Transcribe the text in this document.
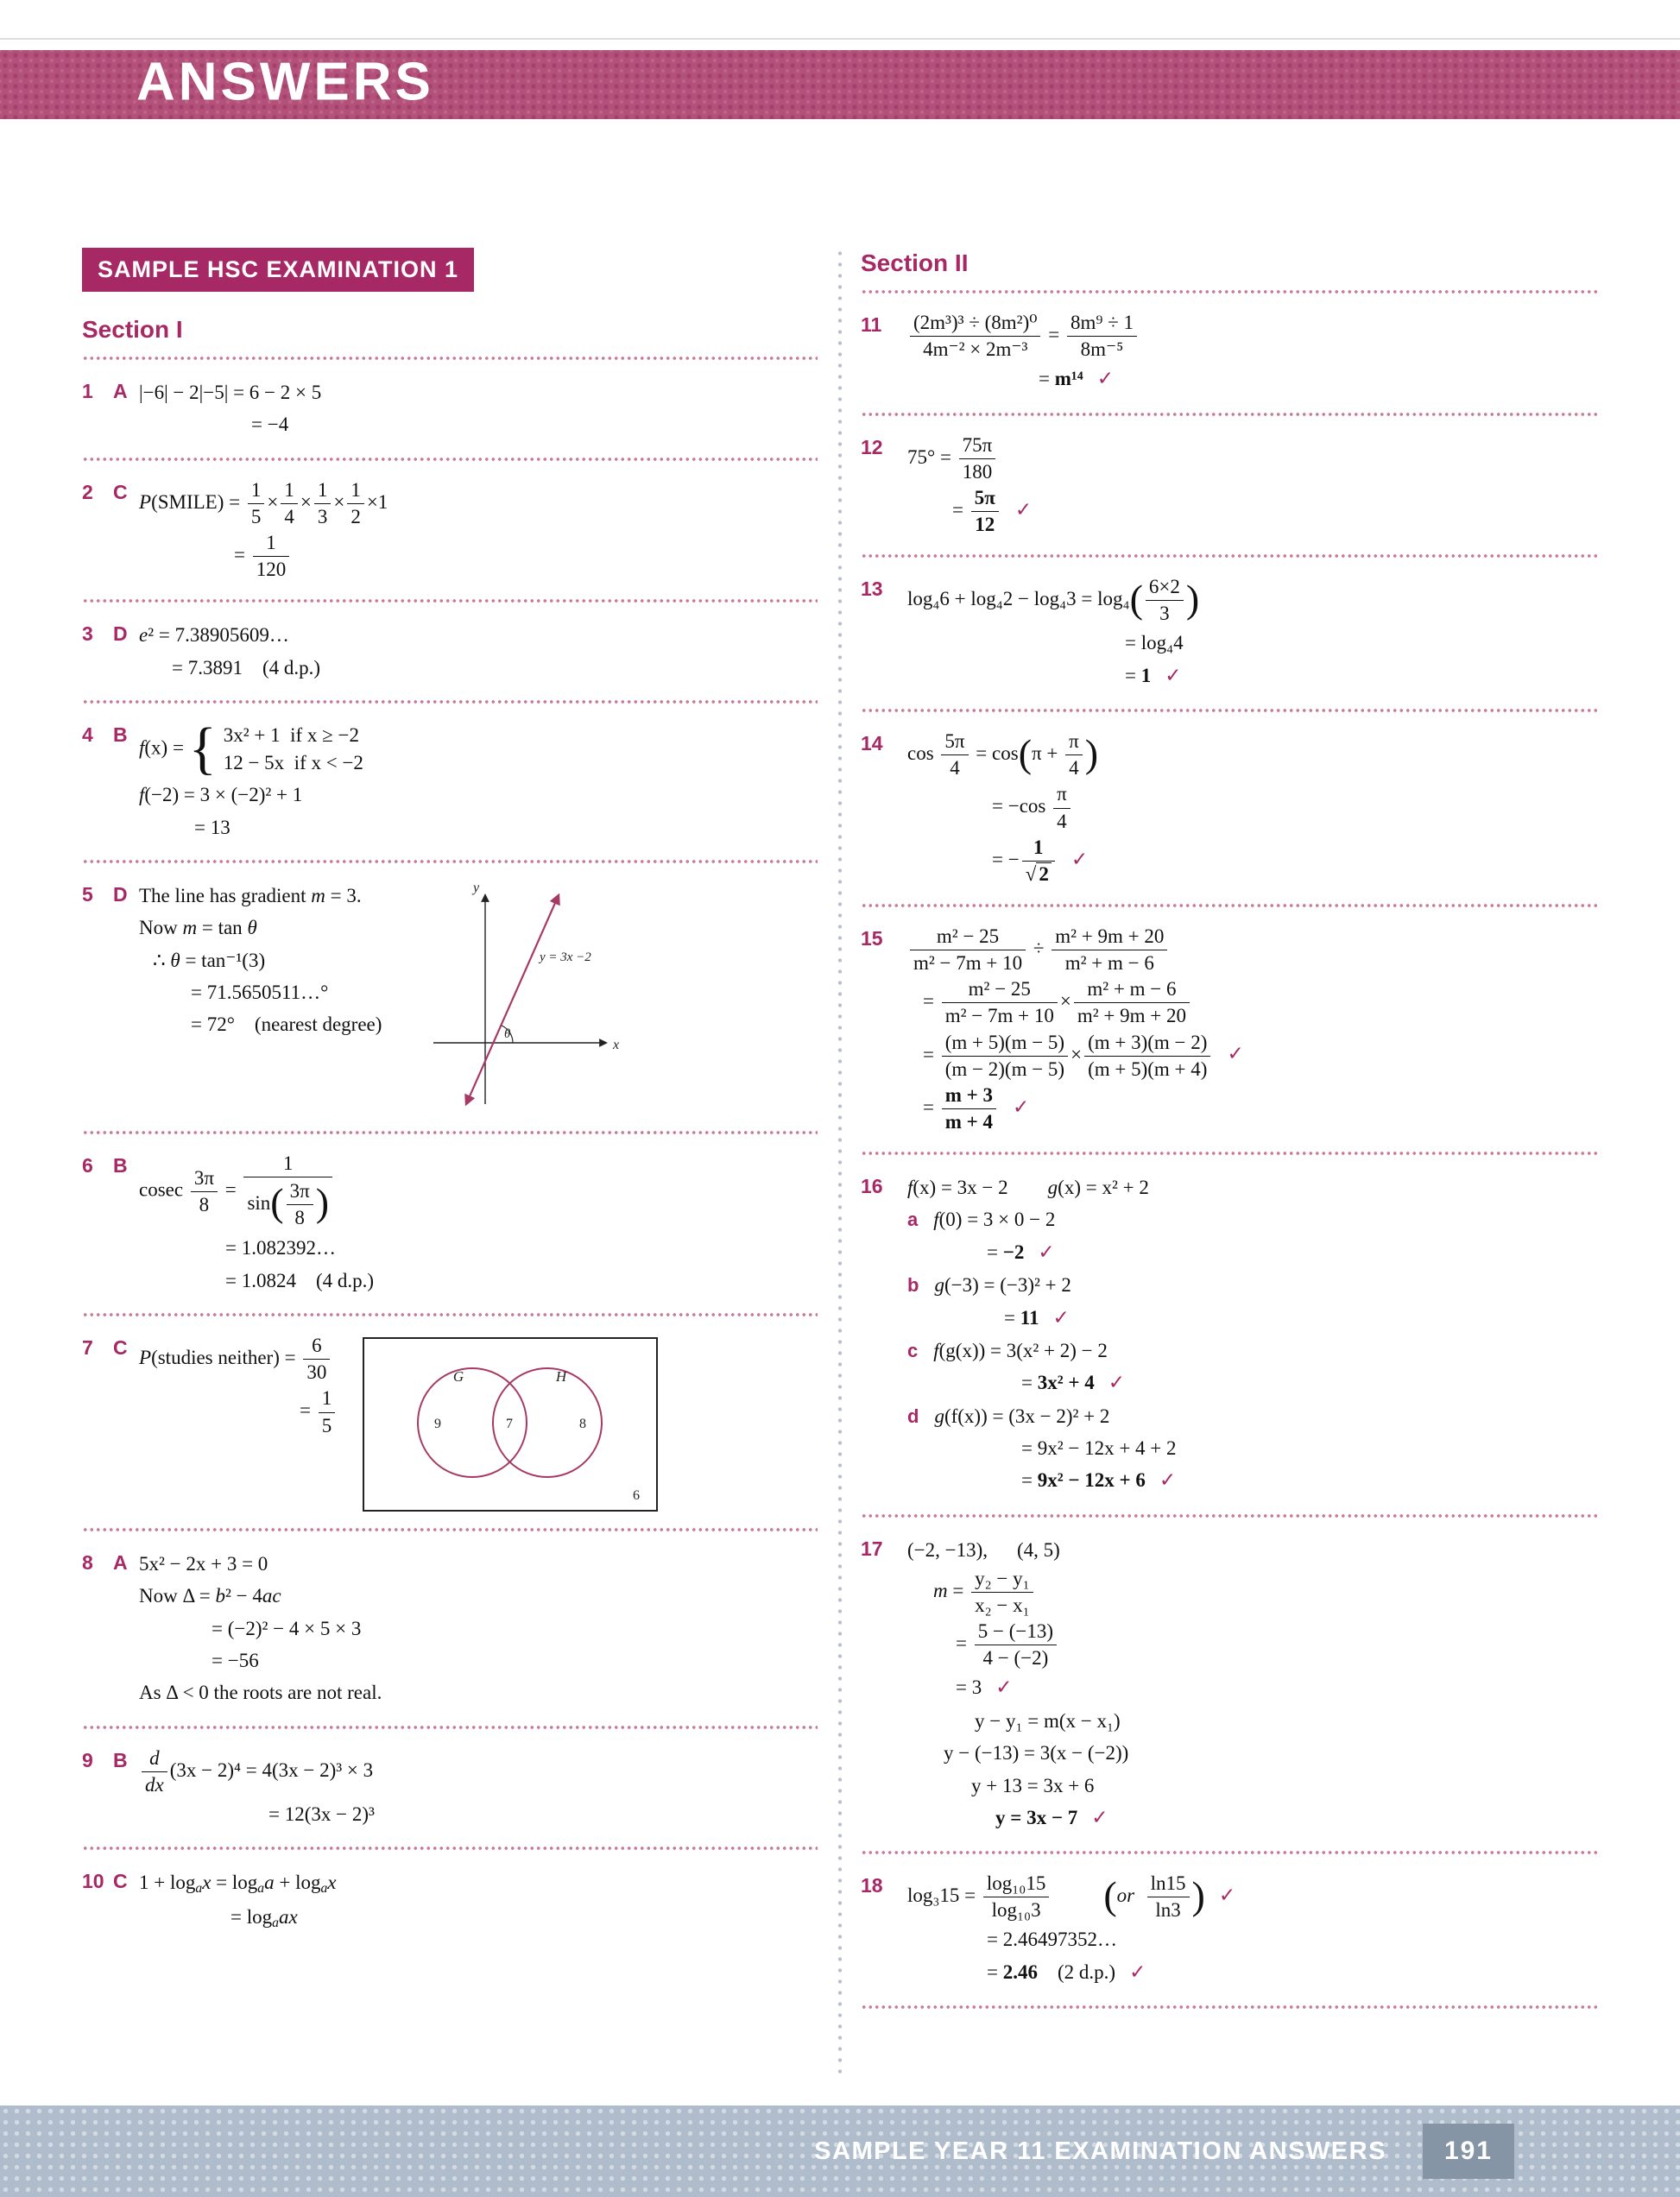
ANSWERS
SAMPLE HSC EXAMINATION 1
Section I
1	A |−6| − 2|−5| = 6 − 2 × 5
= −4
2	C P(SMILE) = $\frac{1}{5} \times \frac{1}{4} \times \frac{1}{3} \times \frac{1}{2} \times 1$
= $\frac{1}{120}$
3	D e² = 7.38905609…
= 7.3891    (4 d.p.)
4	B
f(x) = { 3x² + 1  if x ≥ −2
12 − 5x  if x < −2
f(−2) = 3 × (−2)² + 1
= 13
5	D The line has gradient m = 3.
Now m = tan θ
∴ θ = tan⁻¹(3)
= 71.5650511…°
= 72°    (nearest degree)
x
y
θ
y = 3x −2
6	B
cosec $\frac{3\pi}{8} = \frac{1}{\sin( \frac{3\pi}{8} )}$
= 1.082392…
= 1.0824    (4 d.p.)
7	C P(studies neither) = $\frac{6}{30}$
= $\frac{1}{5}$
G	H
9	7	8
6
8	A 5x² − 2x + 3 = 0
Now Δ = b² − 4ac
= (−2)² − 4 × 5 × 3
= −56
As Δ < 0 the roots are not real.
9	B $\frac{d}{dx} (3x - 2)^4 = 4(3x - 2)^3 \times 3$
= 12(3x − 2)³
10 C 1 + logax = logaa + logax
= logaax
Section II
11	$\frac{\text{(2m³)³ ÷ (8m²)⁰}}{\text{4m⁻² × 2m⁻³}} = \frac{\text{8m⁹ ÷ 1}}{\text{8m⁻⁵}}$
= m¹⁴ ✓
12	$75^\circ = \frac{75\pi}{180}$
= $\frac{5\pi}{12}$ ✓
13	$\log_46 + \log_42 - \log_43 = \log_4( \frac{6\times 2}{3}$ )
= log₄4
= 1 ✓
14	$\cos \frac{5\pi}{4} = \cos(\pi + \frac{\pi}{4}$ )
= $-\cos \frac{\pi}{4}$
= − $\frac{1}{√ 2}$ ✓
15	$\frac{\text{m² − 25}}{\text{m² − 7m + 10}} \div \frac{\text{m² + 9m + 20}}{\text{m² + m − 6}}$
= $\frac{\text{m² − 25}}{\text{m² − 7m + 10}} \times \frac{\text{m² + m − 6}}{\text{m² + 9m + 20}}$
= $\frac{(m + 5)(m - 5)}{(m - 2)(m - 5)} \times \frac{(m + 3)(m - 2)}{(m + 5)(m + 4)}$ ✓
= $\frac{m + 3}{m + 4}$ ✓
16	f(x) = 3x − 2 g(x) = x² + 2
a f(0) = 3 × 0 − 2
= −2 ✓
b g(−3) = (−3)² + 2
= 11 ✓
c f(g(x)) = 3(x² + 2) − 2
= 3x² + 4 ✓
d g(f(x)) = (3x − 2)² + 2
= 9x² − 12x + 4 + 2
= 9x² − 12x + 6 ✓
17	(−2, −13), (4, 5)
$m = \frac{\text{y₂ − y₁}}{\text{x₂ − x₁}}$
= $\frac{5 - (-13)}{4 - (-2)}$
= 3 ✓
y − y₁ = m(x − x₁)
y − (−13) = 3(x − (−2))
y + 13 = 3x + 6
y = 3x − 7 ✓
18	$\log_315 = \frac{\text{log₁₀15}}{\text{log₁₀3}} (or \frac{\ln 15}{\ln 3}$ ) ✓
= 2.46497352…
= 2.46    (2 d.p.) ✓
SAMPLE YEAR 11 EXAMINATION ANSWERS	191
